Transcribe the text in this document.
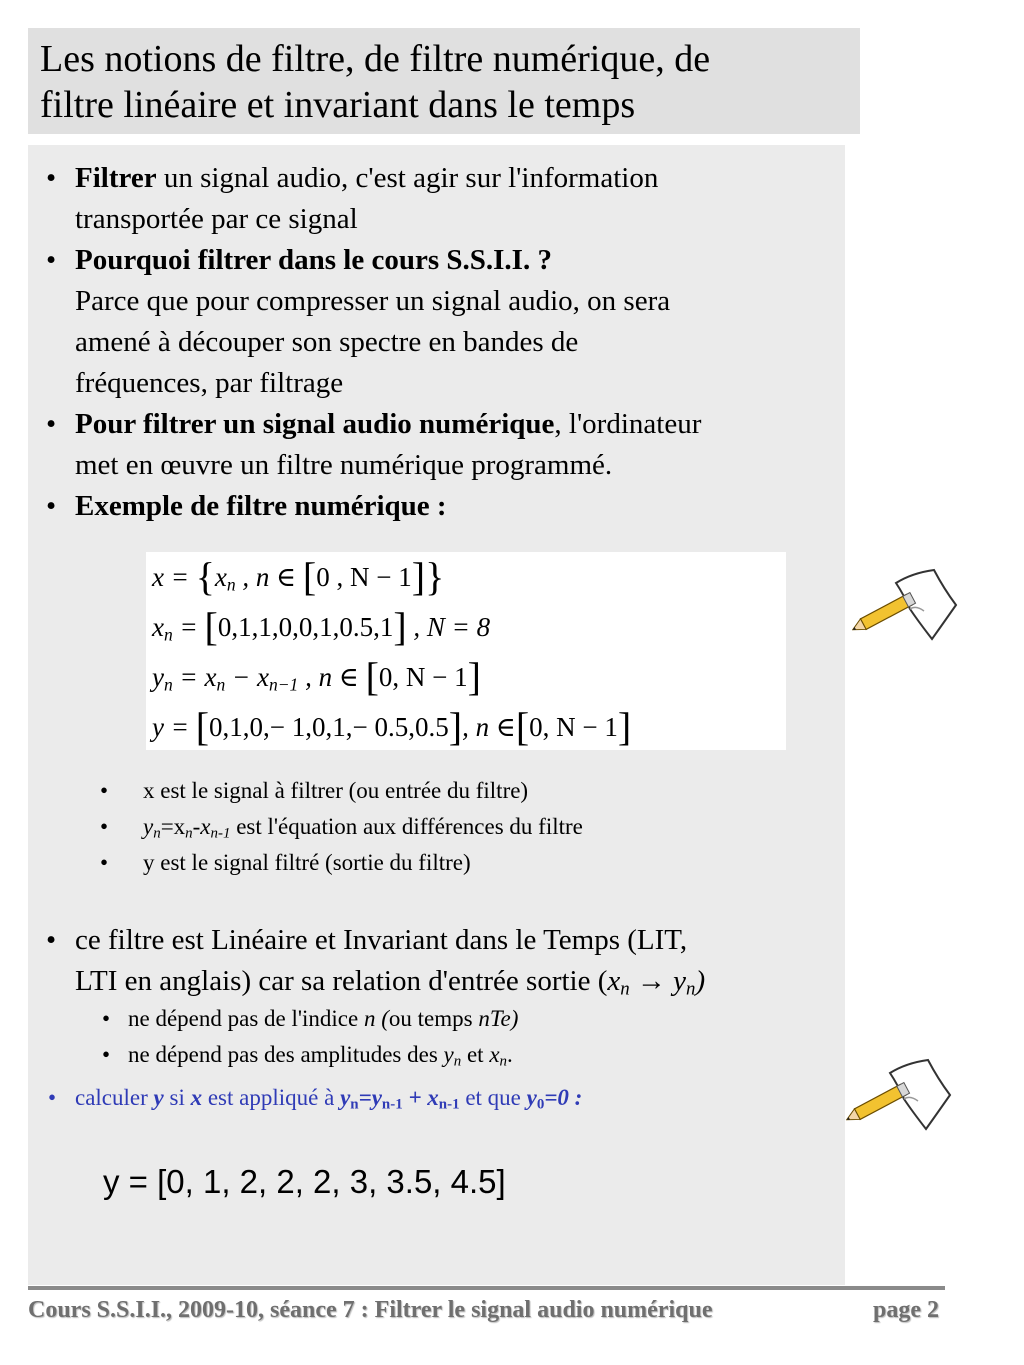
Les notions de filtre, de filtre numérique, de
filtre linéaire et invariant dans le temps
• Filtrer un signal audio, c'est agir sur l'information
transportée par ce signal
• Pourquoi filtrer dans le cours S.S.I.I. ?
Parce que pour compresser un signal audio, on sera
amené à découper son spectre en bandes de
fréquences, par filtrage
• Pour filtrer un signal audio numérique, l'ordinateur
met en œuvre un filtre numérique programmé.
• Exemple de filtre numérique :
$x = \{x_n$ , n ∈ [0 , N − 1]}
$x_n = [0,1,1,0,0,1,0.5,1]$ , N = 8
$y_n = x_n - x_{n-1}$ , n ∈ [0, N − 1]
y = [0,1,0,− 1,0,1,− 0.5,0.5], n ∈[0, N − 1]
• x est le signal à filtrer (ou entrée du filtre)
• $y_n=x_n-x_{n-1}$ est l'équation aux différences du filtre
• y est le signal filtré (sortie du filtre)
• ce filtre est Linéaire et Invariant dans le Temps (LIT,
LTI en anglais) car sa relation d'entrée sortie $(x_n \to y_n)$
• ne dépend pas de l'indice n (ou temps nTe)
• ne dépend pas des amplitudes des $y_n$ et $x_n$.
• calculer y si x est appliqué à $y_n=y_{n-1} + x_{n-1}$ et que $y_0=0$ :
y = [0, 1, 2, 2, 2, 3, 3.5, 4.5]
Cours S.S.I.I., 2009-10, séance 7 : Filtrer le signal audio numérique	page 2
